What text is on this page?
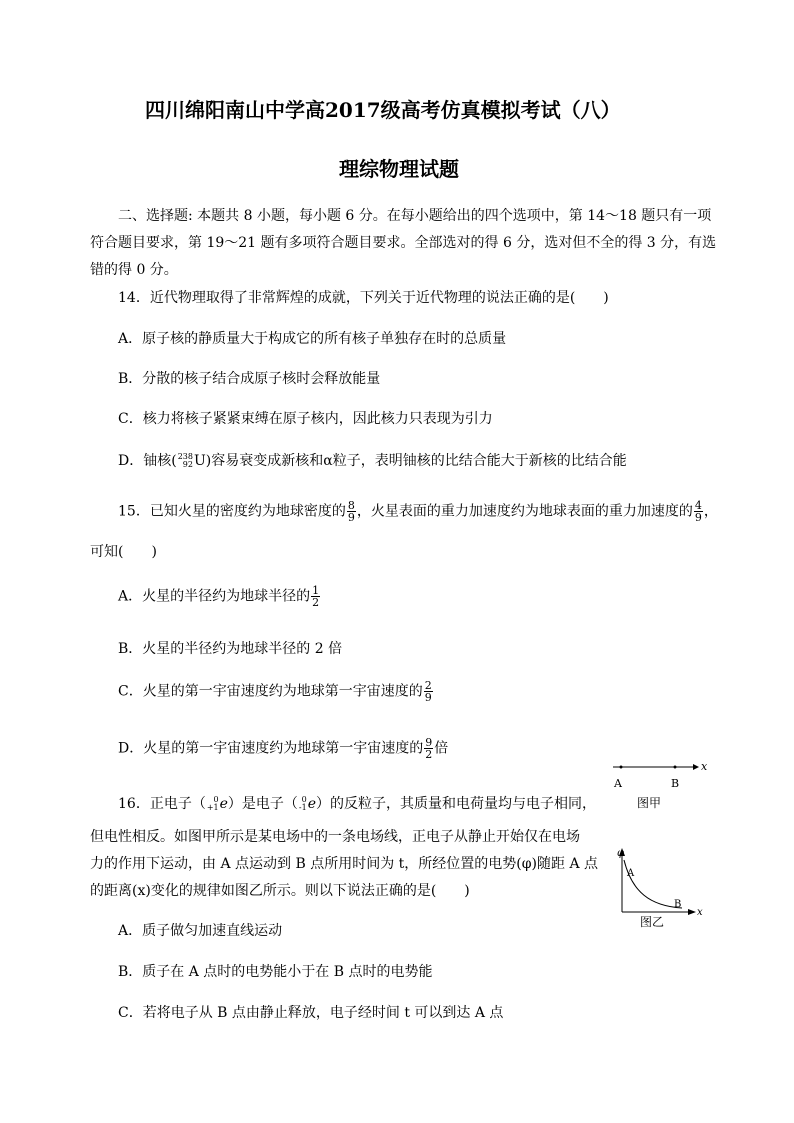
四川绵阳南山中学高2017级高考仿真模拟考试（八）
理综物理试题
二、选择题: 本题共 8 小题，每小题 6 分。在每小题给出的四个选项中，第 14～18 题只有一项
符合题目要求，第 19～21 题有多项符合题目要求。全部选对的得 6 分，选对但不全的得 3 分，有选
错的得 0 分。
14．近代物理取得了非常辉煌的成就，下列关于近代物理的说法正确的是(　　)
A．原子核的静质量大于构成它的所有核子单独存在时的总质量
B．分散的核子结合成原子核时会释放能量
C．核力将核子紧紧束缚在原子核内，因此核力只表现为引力
D．铀核( 238
92 U)容易衰变成新核和α粒子，表明铀核的比结合能大于新核的比结合能
15．已知火星的密度约为地球密度的 $\frac{8}{9}$ ，火星表面的重力加速度约为地球表面的重力加速度的 $\frac{4}{9}$ ，
可知(　　)
A．火星的半径约为地球半径的 $\frac{1}{2}$
B．火星的半径约为地球半径的 2 倍
C．火星的第一宇宙速度约为地球第一宇宙速度的 $\frac{2}{9}$
D．火星的第一宇宙速度约为地球第一宇宙速度的 $\frac{9}{2}$ 倍
16．正电子（ 0
+1 e）是电子（ 0
-1 e）的反粒子，其质量和电荷量均与电子相同，
但电性相反。如图甲所示是某电场中的一条电场线，正电子从静止开始仅在电场
力的作用下运动，由 A 点运动到 B 点所用时间为 t，所经位置的电势(φ)随距 A 点
的距离(x)变化的规律如图乙所示。则以下说法正确的是(　　)
A．质子做匀加速直线运动
B．质子在 A 点时的电势能小于在 B 点时的电势能
C．若将电子从 B 点由静止释放，电子经时间 t 可以到达 A 点
x
A	B
图甲
φ
A
B
x
图乙
